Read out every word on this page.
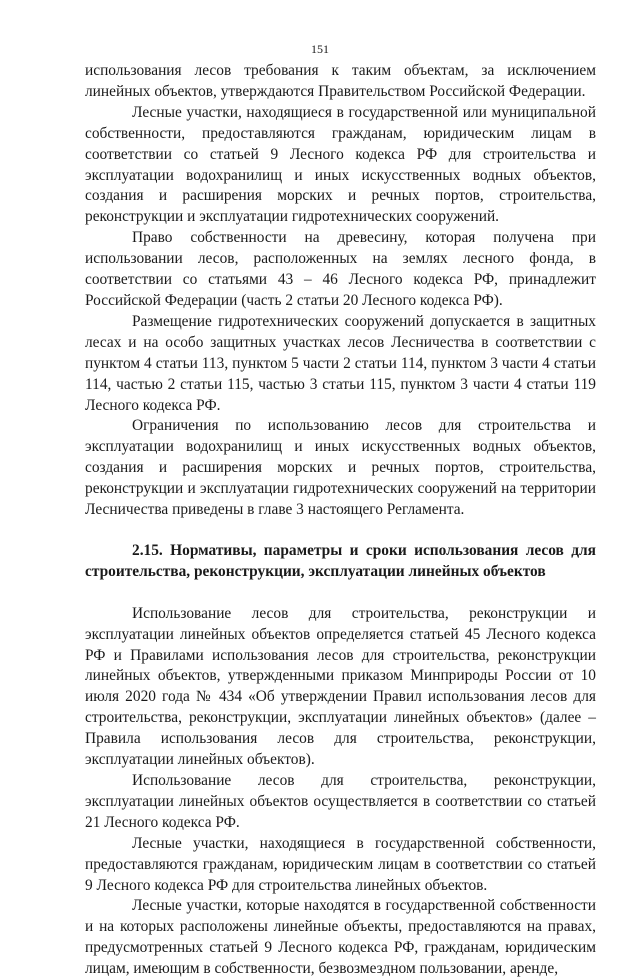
151

использования лесов требования к таким объектам, за исключением линейных объектов, утверждаются Правительством Российской Федерации.

Лесные участки, находящиеся в государственной или муниципальной собственности, предоставляются гражданам, юридическим лицам в соответствии со статьей 9 Лесного кодекса РФ для строительства и эксплуатации водохранилищ и иных искусственных водных объектов, создания и расширения морских и речных портов, строительства, реконструкции и эксплуатации гидротехнических сооружений.

Право собственности на древесину, которая получена при использовании лесов, расположенных на землях лесного фонда, в соответствии со статьями 43 – 46 Лесного кодекса РФ, принадлежит Российской Федерации (часть 2 статьи 20 Лесного кодекса РФ).

Размещение гидротехнических сооружений допускается в защитных лесах и на особо защитных участках лесов Лесничества в соответствии с пунктом 4 статьи 113, пунктом 5 части 2 статьи 114, пунктом 3 части 4 статьи 114, частью 2 статьи 115, частью 3 статьи 115, пунктом 3 части 4 статьи 119 Лесного кодекса РФ.

Ограничения по использованию лесов для строительства и эксплуатации водохранилищ и иных искусственных водных объектов, создания и расширения морских и речных портов, строительства, реконструкции и эксплуатации гидротехнических сооружений на территории Лесничества приведены в главе 3 настоящего Регламента.

2.15. Нормативы, параметры и сроки использования лесов для строительства, реконструкции, эксплуатации линейных объектов

Использование лесов для строительства, реконструкции и эксплуатации линейных объектов определяется статьей 45 Лесного кодекса РФ и Правилами использования лесов для строительства, реконструкции линейных объектов, утвержденными приказом Минприроды России от 10 июля 2020 года № 434 «Об утверждении Правил использования лесов для строительства, реконструкции, эксплуатации линейных объектов» (далее – Правила использования лесов для строительства, реконструкции, эксплуатации линейных объектов).

Использование лесов для строительства, реконструкции, эксплуатации линейных объектов осуществляется в соответствии со статьей 21 Лесного кодекса РФ.

Лесные участки, находящиеся в государственной собственности, предоставляются гражданам, юридическим лицам в соответствии со статьей 9 Лесного кодекса РФ для строительства линейных объектов.

Лесные участки, которые находятся в государственной собственности и на которых расположены линейные объекты, предоставляются на правах, предусмотренных статьей 9 Лесного кодекса РФ, гражданам, юридическим лицам, имеющим в собственности, безвозмездном пользовании, аренде,
